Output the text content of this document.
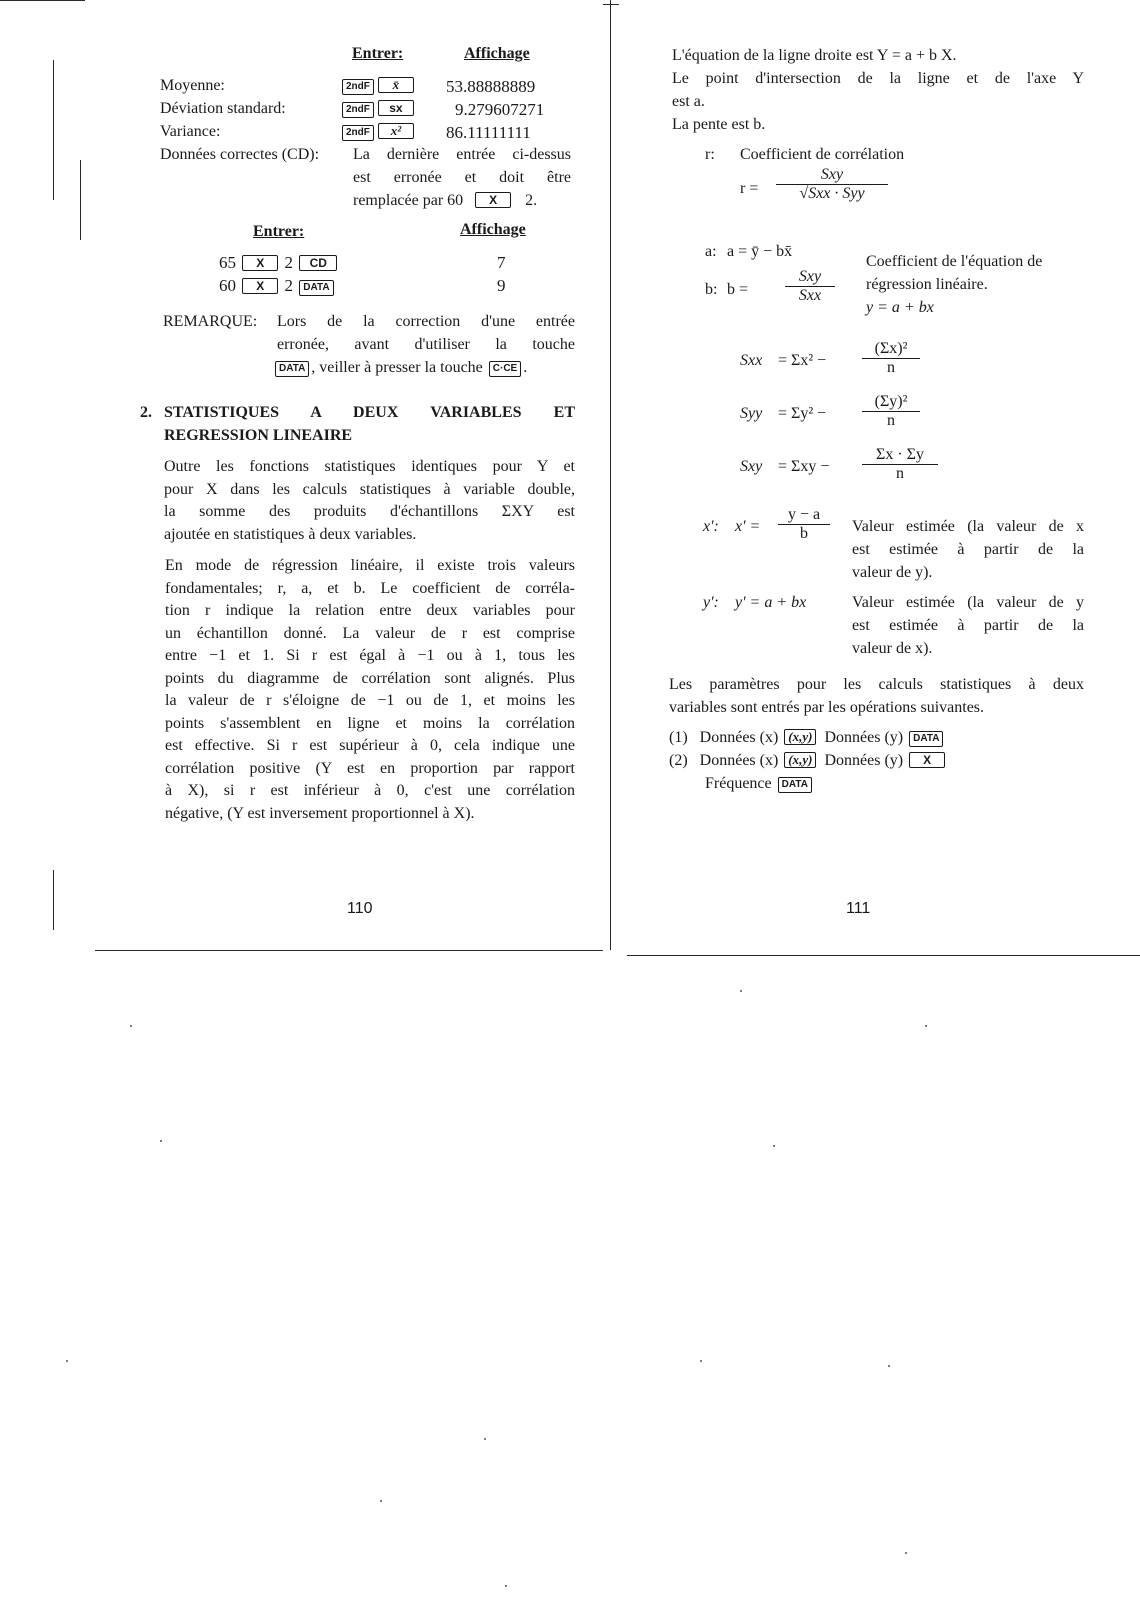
Entrer:	Affichage
Moyenne:	2ndF x̄	53.88888889
Déviation standard:	2ndF sx	9.279607271
Variance:	2ndF x²	86.11111111
Données correctes (CD): La dernière entrée ci-dessus
est erronée et doit être
remplacée par 60 X 2.
Entrer:	Affichage
65 X 2 CD	7
60 X 2 DATA	9
REMARQUE: Lors de la correction d'une entrée
erronée, avant d'utiliser la touche
DATA , veiller à presser la touche C·CE .
2. STATISTIQUES A DEUX VARIABLES ET
REGRESSION LINEAIRE
Outre les fonctions statistiques identiques pour Y et
pour X dans les calculs statistiques à variable double,
la somme des produits d'échantillons ΣXY est
ajoutée en statistiques à deux variables.
En mode de régression linéaire, il existe trois valeurs
fondamentales; r, a, et b. Le coefficient de corréla-
tion r indique la relation entre deux variables pour
un échantillon donné. La valeur de r est comprise
entre −1 et 1. Si r est égal à −1 ou à 1, tous les
points du diagramme de corrélation sont alignés. Plus
la valeur de r s'éloigne de −1 ou de 1, et moins les
points s'assemblent en ligne et moins la corrélation
est effective. Si r est supérieur à 0, cela indique une
corrélation positive (Y est en proportion par rapport
à X), si r est inférieur à 0, c'est une corrélation
négative, (Y est inversement proportionnel à X).
110
L'équation de la ligne droite est Y = a + b X.
Le point d'intersection de la ligne et de l'axe Y
est a.
La pente est b.
r: Coefficient de corrélation
r =
Sxy
√Sxx · Syy
a: a = ȳ − bx̄
b: b =
Sxy
Sxx
Coefficient de l'équation de
régression linéaire.
y = a + bx
Sxx = $\Sigma x^2 - \frac{\text{(Σx)²}}{n}$
Syy = $\Sigma y^2 - \frac{\text{(Σy)²}}{n}$
Sxy = $\Sigma xy - \frac{\Sigma x \cdot \Sigma y}{n}$
x': $x' = \frac{y - a}{b}$ Valeur estimée (la valeur de x
est estimée à partir de la
valeur de y).
y': y' = a + bx	Valeur estimée (la valeur de y
est estimée à partir de la
valeur de x).
Les paramètres pour les calculs statistiques à deux
variables sont entrés par les opérations suivantes.
(1) Données (x) (x,y) Données (y) DATA
(2) Données (x) (x,y) Données (y) X
Fréquence DATA
111
